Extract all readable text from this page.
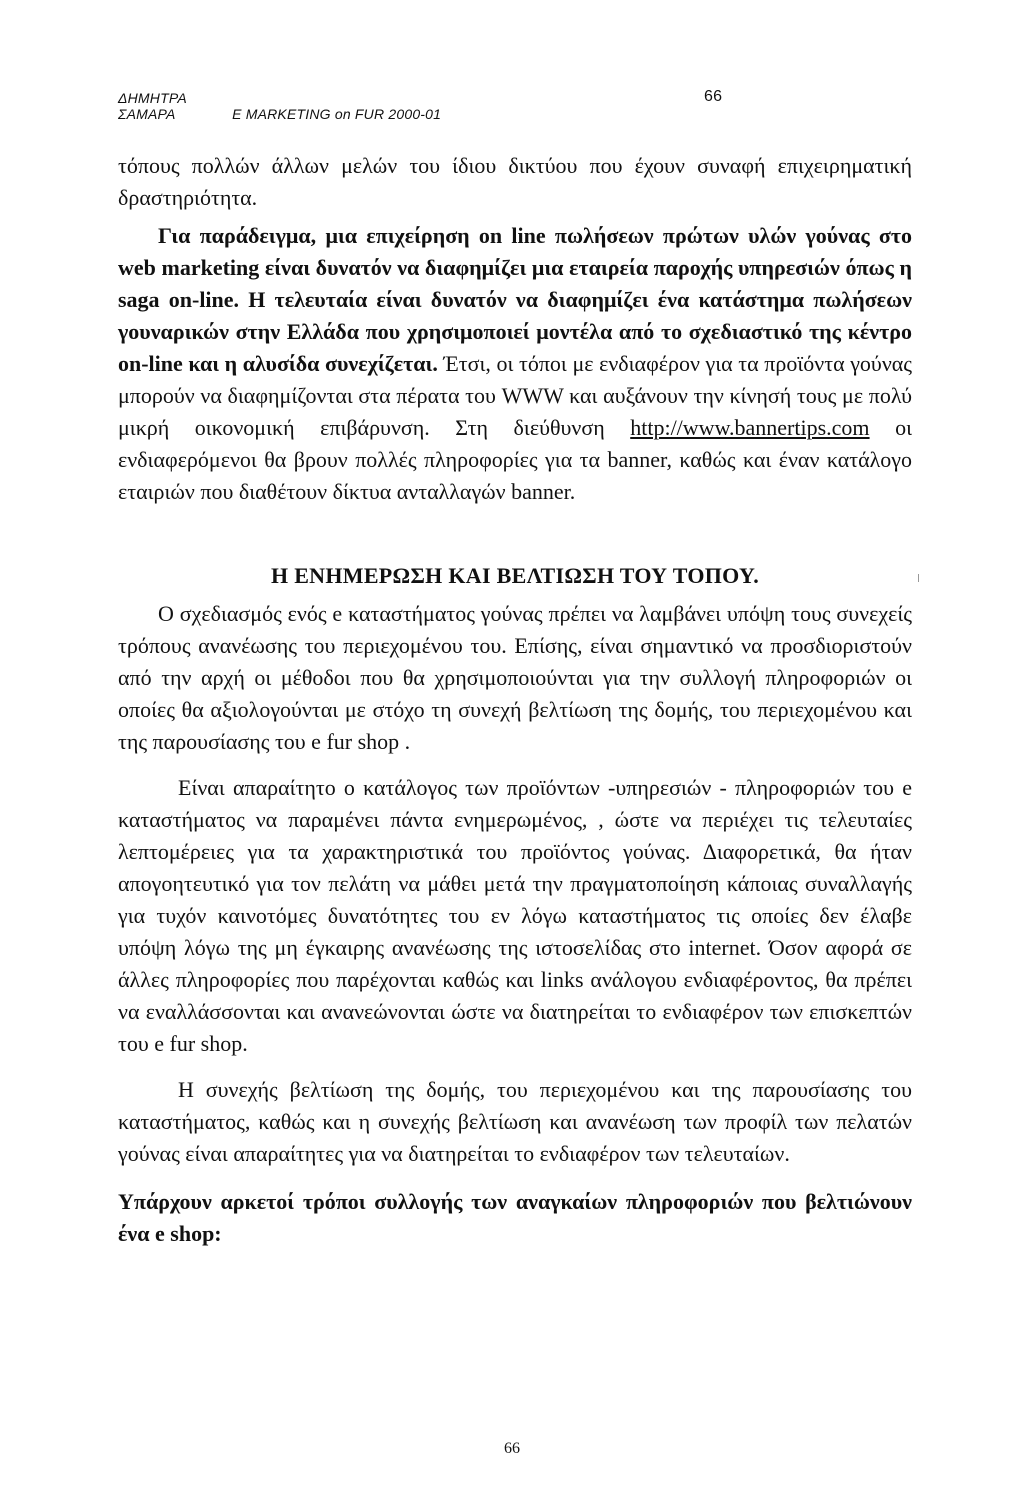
ΔΗΜΗΤΡΑ ΣΑΜΑΡΑ	E MARKETING on FUR 2000-01
66

τόπους πολλών άλλων μελών του ίδιου δικτύου που έχουν συναφή επιχειρηματική δραστηριότητα.

Για παράδειγμα, μια επιχείρηση on line πωλήσεων πρώτων υλών γούνας στο web marketing είναι δυνατόν να διαφημίζει μια εταιρεία παροχής υπηρεσιών όπως η saga on-line. Η τελευταία είναι δυνατόν να διαφημίζει ένα κατάστημα πωλήσεων γουναρικών στην Ελλάδα που χρησιμοποιεί μοντέλα από το σχεδιαστικό της κέντρο on-line και η αλυσίδα συνεχίζεται. Έτσι, οι τόποι με ενδιαφέρον για τα προϊόντα γούνας μπορούν να διαφημίζονται στα πέρατα του WWW και αυξάνουν την κίνησή τους με πολύ μικρή οικονομική επιβάρυνση. Στη διεύθυνση http://www.bannertips.com οι ενδιαφερόμενοι θα βρουν πολλές πληροφορίες για τα banner, καθώς και έναν κατάλογο εταιριών που διαθέτουν δίκτυα ανταλλαγών banner.

Η ΕΝΗΜΕΡΩΣΗ ΚΑΙ ΒΕΛΤΙΩΣΗ ΤΟΥ ΤΟΠΟΥ.

Ο σχεδιασμός ενός e καταστήματος γούνας πρέπει να λαμβάνει υπόψη τους συνεχείς τρόπους ανανέωσης του περιεχομένου του. Επίσης, είναι σημαντικό να προσδιοριστούν από την αρχή οι μέθοδοι που θα χρησιμοποιούνται για την συλλογή πληροφοριών οι οποίες θα αξιολογούνται με στόχο τη συνεχή βελτίωση της δομής, του περιεχομένου και της παρουσίασης του e fur shop .

Είναι απαραίτητο ο κατάλογος των προϊόντων -υπηρεσιών - πληροφοριών του e καταστήματος να παραμένει πάντα ενημερωμένος, , ώστε να περιέχει τις τελευταίες λεπτομέρειες για τα χαρακτηριστικά του προϊόντος γούνας. Διαφορετικά, θα ήταν απογοητευτικό για τον πελάτη να μάθει μετά την πραγματοποίηση κάποιας συναλλαγής για τυχόν καινοτόμες δυνατότητες του εν λόγω καταστήματος τις οποίες δεν έλαβε υπόψη λόγω της μη έγκαιρης ανανέωσης της ιστοσελίδας στο internet. Όσον αφορά σε άλλες πληροφορίες που παρέχονται καθώς και links ανάλογου ενδιαφέροντος, θα πρέπει να εναλλάσσονται και ανανεώνονται ώστε να διατηρείται το ενδιαφέρον των επισκεπτών του e fur shop.

Η συνεχής βελτίωση της δομής, του περιεχομένου και της παρουσίασης του καταστήματος, καθώς και η συνεχής βελτίωση και ανανέωση των προφίλ των πελατών γούνας είναι απαραίτητες για να διατηρείται το ενδιαφέρον των τελευταίων.

Υπάρχουν αρκετοί τρόποι συλλογής των αναγκαίων πληροφοριών που βελτιώνουν ένα e shop:

66
